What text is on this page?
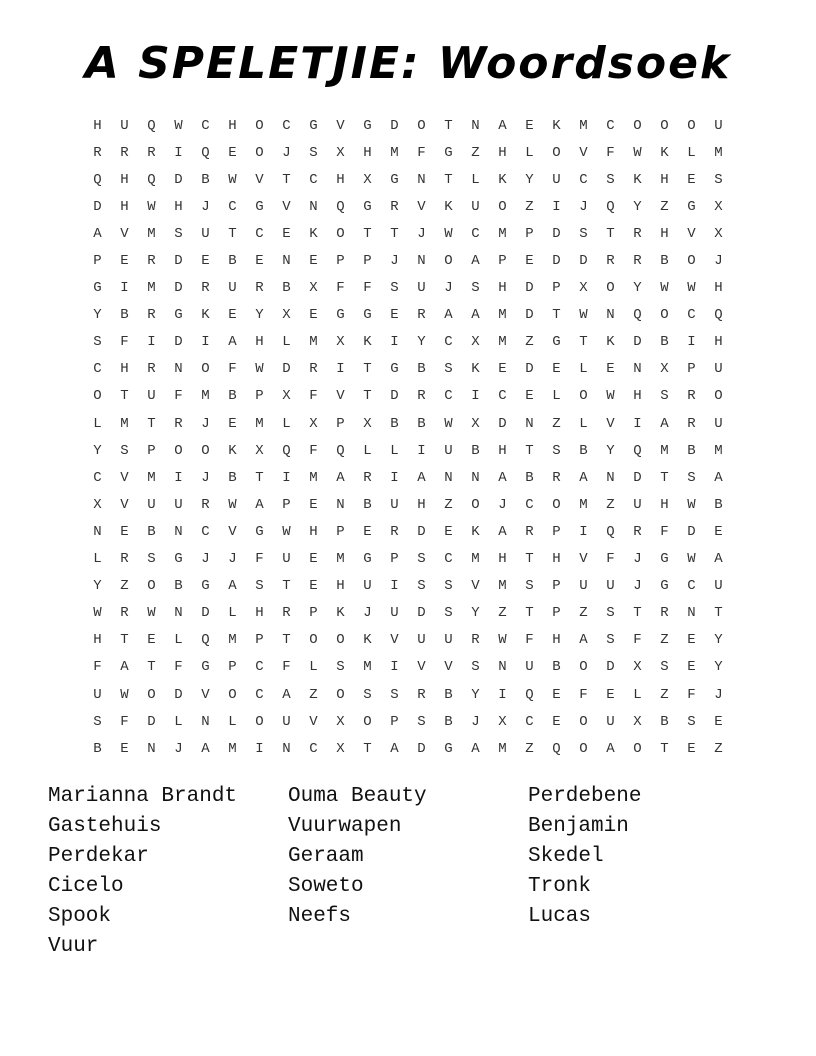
A SPELETJIE: Woordsoek
H	U	Q	W	C	H	O	C	G	V	G	D	O	T	N	A	E	K	M	C	O	O	O	U
R	R	R	I	Q	E	O	J	S	X	H	M	F	G	Z	H	L	O	V	F	W	K	L	M
Q	H	Q	D	B	W	V	T	C	H	X	G	N	T	L	K	Y	U	C	S	K	H	E	S
D	H	W	H	J	C	G	V	N	Q	G	R	V	K	U	O	Z	I	J	Q	Y	Z	G	X
A	V	M	S	U	T	C	E	K	O	T	T	J	W	C	M	P	D	S	T	R	H	V	X
P	E	R	D	E	B	E	N	E	P	P	J	N	O	A	P	E	D	D	R	R	B	O	J
G	I	M	D	R	U	R	B	X	F	F	S	U	J	S	H	D	P	X	O	Y	W	W	H
Y	B	R	G	K	E	Y	X	E	G	G	E	R	A	A	M	D	T	W	N	Q	O	C	Q
S	F	I	D	I	A	H	L	M	X	K	I	Y	C	X	M	Z	G	T	K	D	B	I	H
C	H	R	N	O	F	W	D	R	I	T	G	B	S	K	E	D	E	L	E	N	X	P	U
O	T	U	F	M	B	P	X	F	V	T	D	R	C	I	C	E	L	O	W	H	S	R	O
L	M	T	R	J	E	M	L	X	P	X	B	B	W	X	D	N	Z	L	V	I	A	R	U
Y	S	P	O	O	K	X	Q	F	Q	L	L	I	U	B	H	T	S	B	Y	Q	M	B	M
C	V	M	I	J	B	T	I	M	A	R	I	A	N	N	A	B	R	A	N	D	T	S	A
X	V	U	U	R	W	A	P	E	N	B	U	H	Z	O	J	C	O	M	Z	U	H	W	B
N	E	B	N	C	V	G	W	H	P	E	R	D	E	K	A	R	P	I	Q	R	F	D	E
L	R	S	G	J	J	F	U	E	M	G	P	S	C	M	H	T	H	V	F	J	G	W	A
Y	Z	O	B	G	A	S	T	E	H	U	I	S	S	V	M	S	P	U	U	J	G	C	U
W	R	W	N	D	L	H	R	P	K	J	U	D	S	Y	Z	T	P	Z	S	T	R	N	T
H	T	E	L	Q	M	P	T	O	O	K	V	U	U	R	W	F	H	A	S	F	Z	E	Y
F	A	T	F	G	P	C	F	L	S	M	I	V	V	S	N	U	B	O	D	X	S	E	Y
U	W	O	D	V	O	C	A	Z	O	S	S	R	B	Y	I	Q	E	F	E	L	Z	F	J
S	F	D	L	N	L	O	U	V	X	O	P	S	B	J	X	C	E	O	U	X	B	S	E
B	E	N	J	A	M	I	N	C	X	T	A	D	G	A	M	Z	Q	O	A	O	T	E	Z
Marianna Brandt	Ouma Beauty	Perdebene
Gastehuis	Vuurwapen	Benjamin
Perdekar	Geraam	Skedel
Cicelo	Soweto	Tronk
Spook	Neefs	Lucas
Vuur
